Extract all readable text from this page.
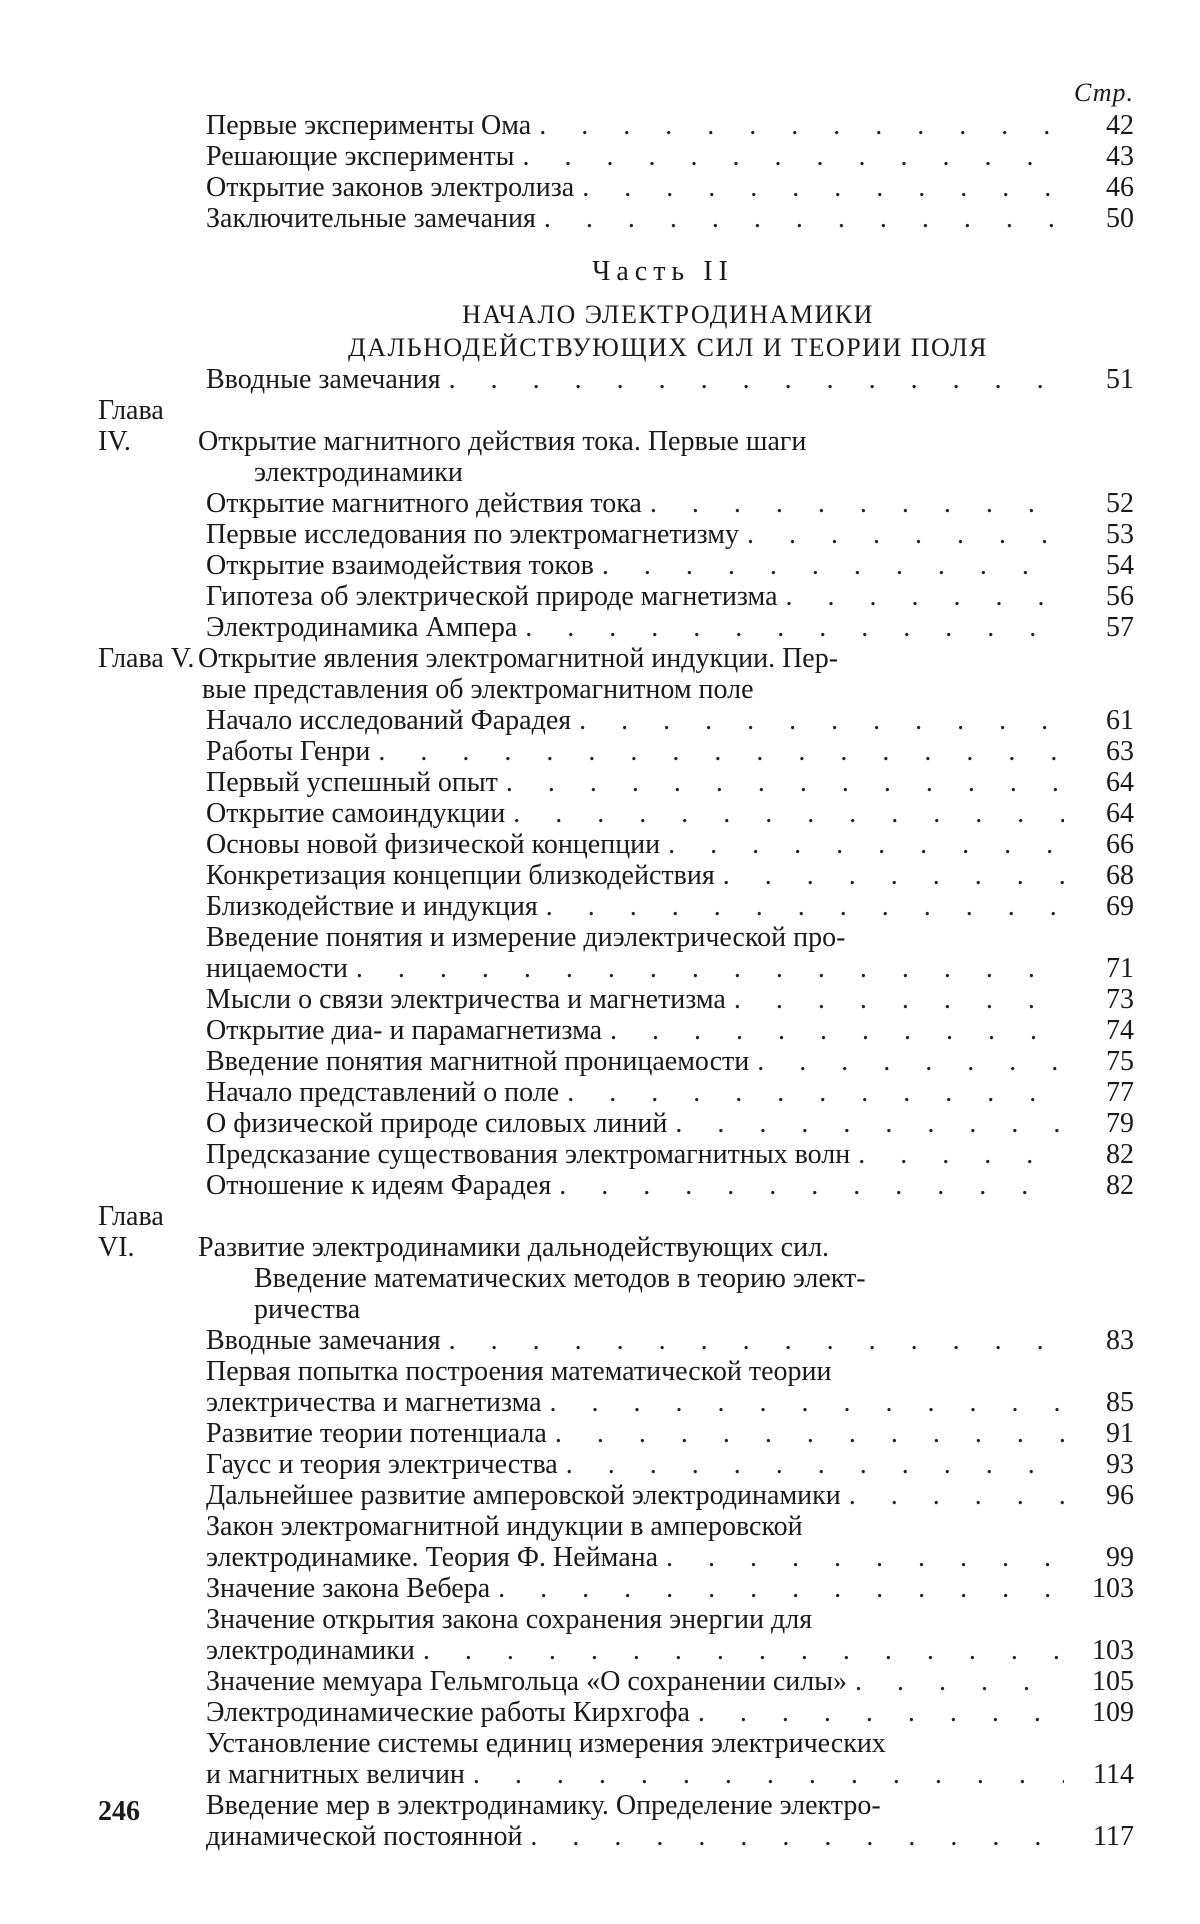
Стр.
Первые эксперименты Ома . . .	42
Решающие эксперименты . . .	43
Открытие законов электролиза . . .	46
Заключительные замечания . . .	50
Часть II
НАЧАЛО ЭЛЕКТРОДИНАМИКИ
ДАЛЬНОДЕЙСТВУЮЩИХ СИЛ И ТЕОРИИ ПОЛЯ
Вводные замечания . . .	51
Глава IV. Открытие магнитного действия тока. Первые шаги
электродинамики
Открытие магнитного действия тока . . .	52
Первые исследования по электромагнетизму . . .	53
Открытие взаимодействия токов . . .	54
Гипотеза об электрической природе магнетизма . . .	56
Электродинамика Ампера . . .	57
Глава V. Открытие явления электромагнитной индукции. Пер-
вые представления об электромагнитном поле
Начало исследований Фарадея . . .	61
Работы Генри . . .	63
Первый успешный опыт . . .	64
Открытие самоиндукции . . .	64
Основы новой физической концепции . . .	66
Конкретизация концепции близкодействия . . .	68
Близкодействие и индукция . . .	69
Введение понятия и измерение диэлектрической про-
ницаемости . . .	71
Мысли о связи электричества и магнетизма . . .	73
Открытие диа- и парамагнетизма . . .	74
Введение понятия магнитной проницаемости . . .	75
Начало представлений о поле . . .	77
О физической природе силовых линий . . .	79
Предсказание существования электромагнитных волн . . .	82
Отношение к идеям Фарадея . . .	82
Глава VI. Развитие электродинамики дальнодействующих сил.
Введение математических методов в теорию элект-
ричества
Вводные замечания . . .	83
Первая попытка построения математической теории
электричества и магнетизма . . .	85
Развитие теории потенциала . . .	91
Гаусс и теория электричества . . .	93
Дальнейшее развитие амперовской электродинамики . . .	96
Закон электромагнитной индукции в амперовской
электродинамике. Теория Ф. Неймана . . .	99
Значение закона Вебера . . .	103
Значение открытия закона сохранения энергии для
электродинамики . . .	103
Значение мемуара Гельмгольца «О сохранении силы» . . .	105
Электродинамические работы Кирхгофа . . .	109
Установление системы единиц измерения электрических
и магнитных величин . . .	114
Введение мер в электродинамику. Определение электро-
динамической постоянной . . .	117
246
